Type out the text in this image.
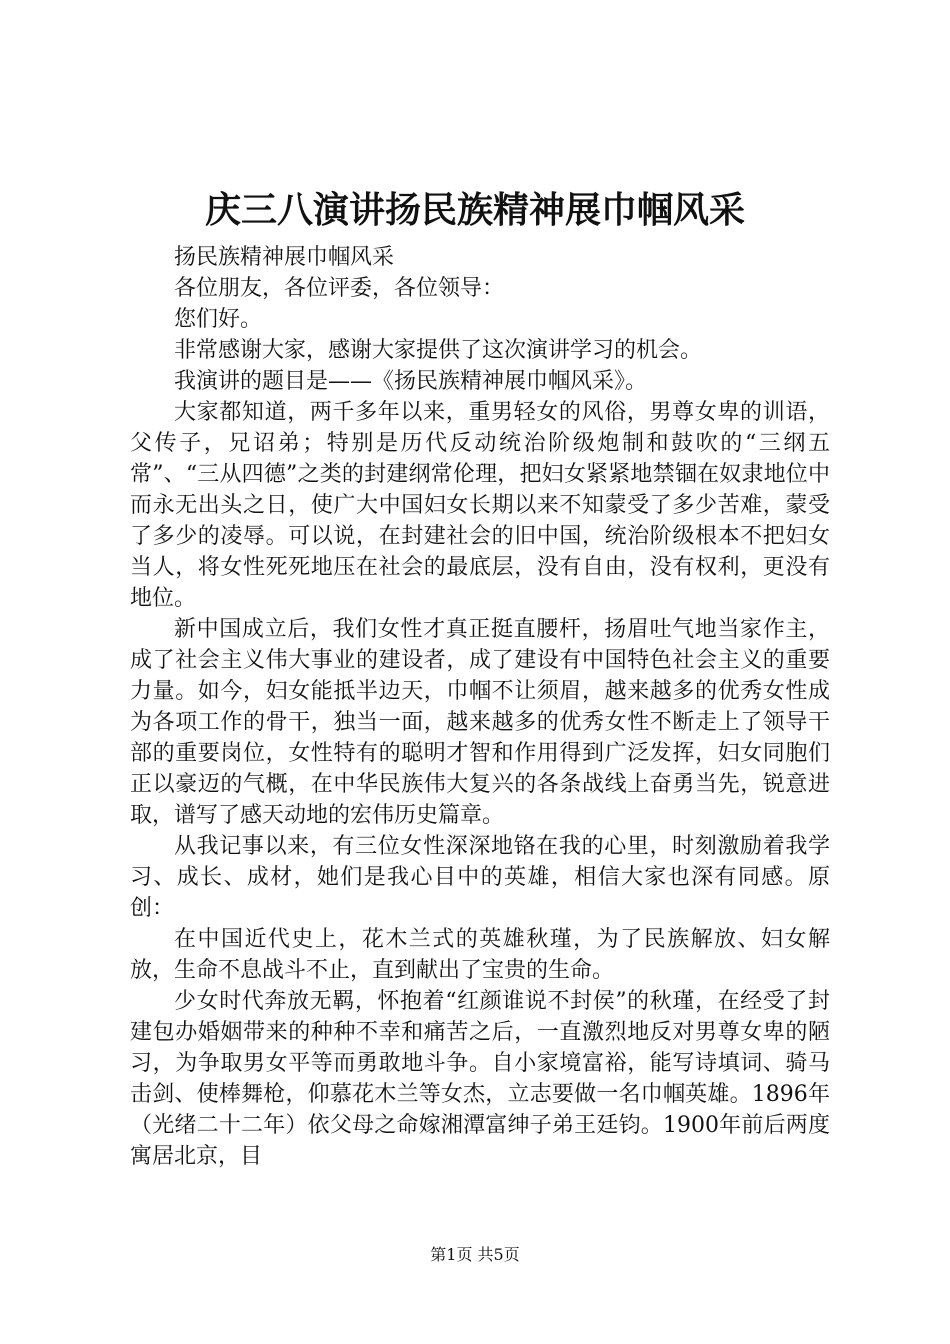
庆三八演讲扬民族精神展巾帼风采

扬民族精神展巾帼风采

各位朋友，各位评委，各位领导：

您们好。

非常感谢大家，感谢大家提供了这次演讲学习的机会。

我演讲的题目是——《扬民族精神展巾帼风采》。

大家都知道，两千多年以来，重男轻女的风俗，男尊女卑的训语，父传子，兄诏弟；特别是历代反动统治阶级炮制和鼓吹的“三纲五常”、“三从四德”之类的封建纲常伦理，把妇女紧紧地禁锢在奴隶地位中而永无出头之日，使广大中国妇女长期以来不知蒙受了多少苦难，蒙受了多少的凌辱。可以说，在封建社会的旧中国，统治阶级根本不把妇女当人，将女性死死地压在社会的最底层，没有自由，没有权利，更没有地位。

新中国成立后，我们女性才真正挺直腰杆，扬眉吐气地当家作主，成了社会主义伟大事业的建设者，成了建设有中国特色社会主义的重要力量。如今，妇女能抵半边天，巾帼不让须眉，越来越多的优秀女性成为各项工作的骨干，独当一面，越来越多的优秀女性不断走上了领导干部的重要岗位，女性特有的聪明才智和作用得到广泛发挥，妇女同胞们正以豪迈的气概，在中华民族伟大复兴的各条战线上奋勇当先，锐意进取，谱写了感天动地的宏伟历史篇章。

从我记事以来，有三位女性深深地铬在我的心里，时刻激励着我学习、成长、成材，她们是我心目中的英雄，相信大家也深有同感。原创：

在中国近代史上，花木兰式的英雄秋瑾，为了民族解放、妇女解放，生命不息战斗不止，直到献出了宝贵的生命。

少女时代奔放无羁，怀抱着“红颜谁说不封侯”的秋瑾，在经受了封建包办婚姻带来的种种不幸和痛苦之后，一直激烈地反对男尊女卑的陋习，为争取男女平等而勇敢地斗争。自小家境富裕，能写诗填词、骑马击剑、使棒舞枪，仰慕花木兰等女杰，立志要做一名巾帼英雄。1896年（光绪二十二年）依父母之命嫁湘潭富绅子弟王廷钧。1900年前后两度寓居北京，目

第1页 共5页
